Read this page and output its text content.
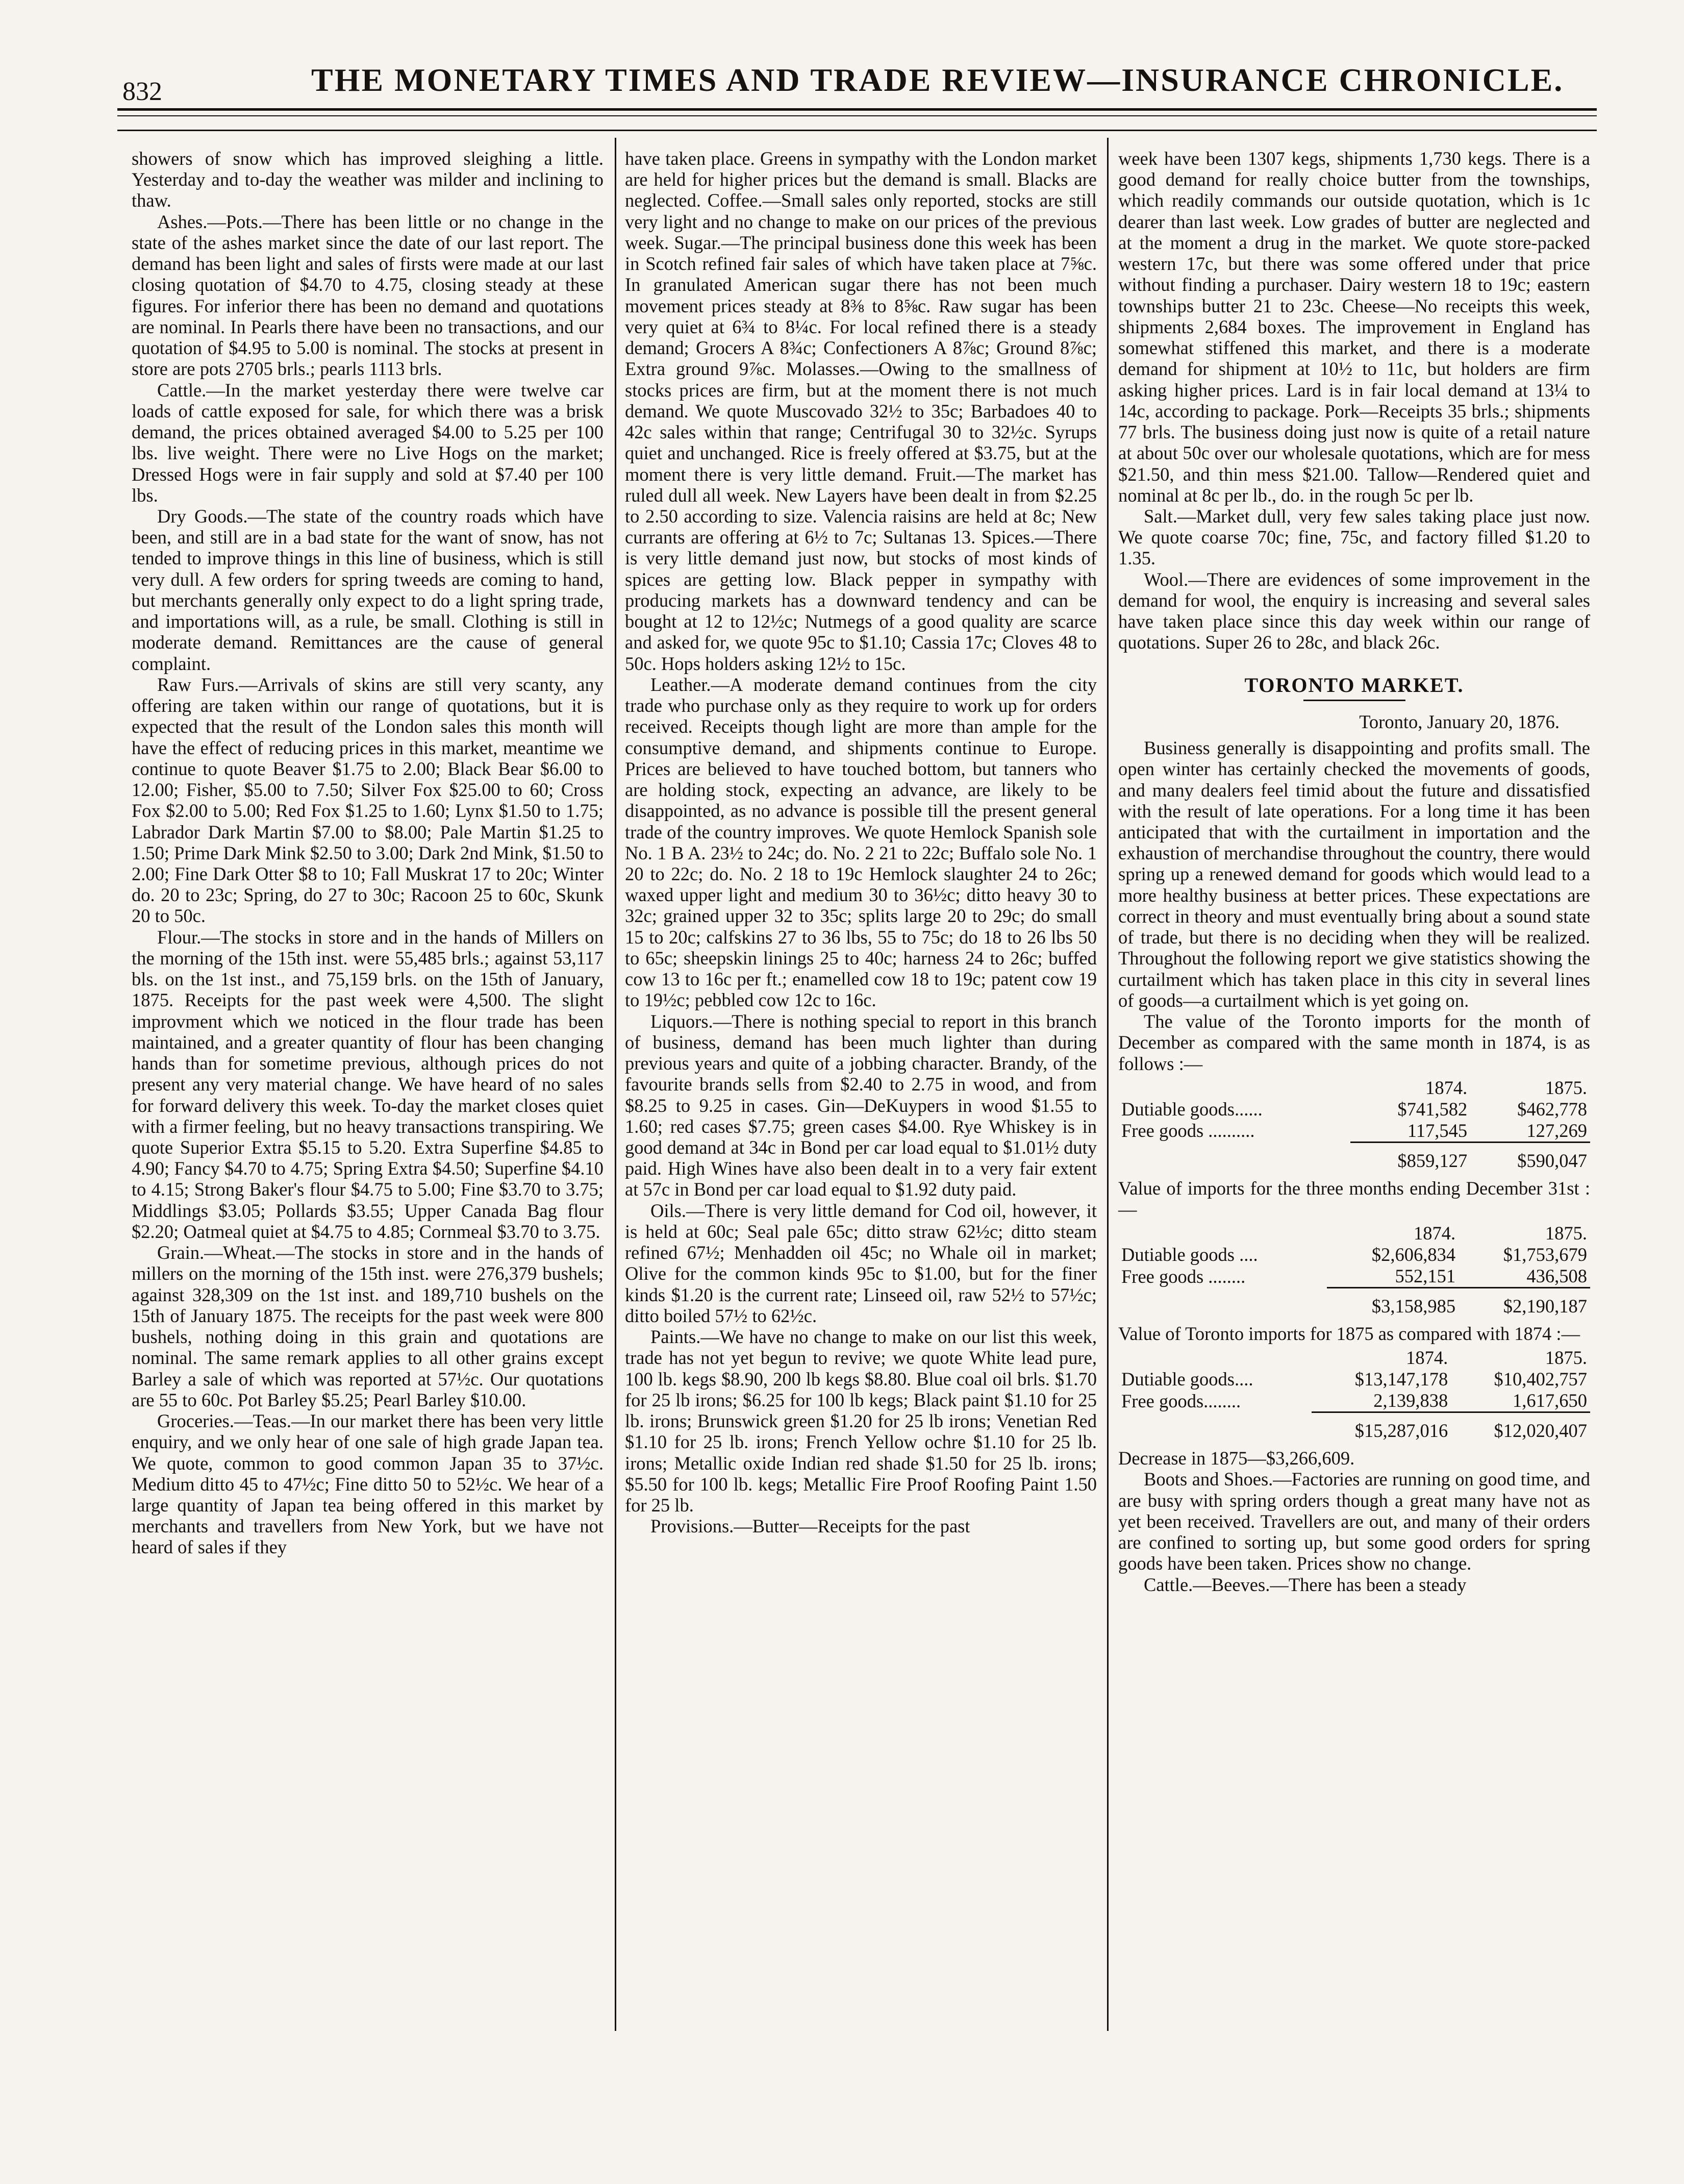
832	THE MONETARY TIMES AND TRADE REVIEW—INSURANCE CHRONICLE.

showers of snow which has improved sleighing a little. Yesterday and to-day the weather was milder and inclining to thaw.

Ashes.—Pots.—There has been little or no change in the state of the ashes market since the date of our last report. The demand has been light and sales of firsts were made at our last closing quotation of $4.70 to 4.75, closing steady at these figures. For inferior there has been no demand and quotations are nominal. In Pearls there have been no transactions, and our quotation of $4.95 to 5.00 is nominal. The stocks at present in store are pots 2705 brls.; pearls 1113 brls.

Cattle.—In the market yesterday there were twelve car loads of cattle exposed for sale, for which there was a brisk demand, the prices obtained averaged $4.00 to 5.25 per 100 lbs. live weight. There were no Live Hogs on the market; Dressed Hogs were in fair supply and sold at $7.40 per 100 lbs.

Dry Goods.—The state of the country roads which have been, and still are in a bad state for the want of snow, has not tended to improve things in this line of business, which is still very dull. A few orders for spring tweeds are coming to hand, but merchants generally only expect to do a light spring trade, and importations will, as a rule, be small. Clothing is still in moderate demand. Remittances are the cause of general complaint.

Raw Furs.—Arrivals of skins are still very scanty, any offering are taken within our range of quotations, but it is expected that the result of the London sales this month will have the effect of reducing prices in this market, meantime we continue to quote Beaver $1.75 to 2.00; Black Bear $6.00 to 12.00; Fisher, $5.00 to 7.50; Silver Fox $25.00 to 60; Cross Fox $2.00 to 5.00; Red Fox $1.25 to 1.60; Lynx $1.50 to 1.75; Labrador Dark Martin $7.00 to $8.00; Pale Martin $1.25 to 1.50; Prime Dark Mink $2.50 to 3.00; Dark 2nd Mink, $1.50 to 2.00; Fine Dark Otter $8 to 10; Fall Muskrat 17 to 20c; Winter do. 20 to 23c; Spring, do 27 to 30c; Racoon 25 to 60c, Skunk 20 to 50c.

Flour.—The stocks in store and in the hands of Millers on the morning of the 15th inst. were 55,485 brls.; against 53,117 bls. on the 1st inst., and 75,159 brls. on the 15th of January, 1875. Receipts for the past week were 4,500. The slight improvment which we noticed in the flour trade has been maintained, and a greater quantity of flour has been changing hands than for sometime previous, although prices do not present any very material change. We have heard of no sales for forward delivery this week. To-day the market closes quiet with a firmer feeling, but no heavy transactions transpiring. We quote Superior Extra $5.15 to 5.20. Extra Superfine $4.85 to 4.90; Fancy $4.70 to 4.75; Spring Extra $4.50; Superfine $4.10 to 4.15; Strong Baker's flour $4.75 to 5.00; Fine $3.70 to 3.75; Middlings $3.05; Pollards $3.55; Upper Canada Bag flour $2.20; Oatmeal quiet at $4.75 to 4.85; Cornmeal $3.70 to 3.75.

Grain.—Wheat.—The stocks in store and in the hands of millers on the morning of the 15th inst. were 276,379 bushels; against 328,309 on the 1st inst. and 189,710 bushels on the 15th of January 1875. The receipts for the past week were 800 bushels, nothing doing in this grain and quotations are nominal. The same remark applies to all other grains except Barley a sale of which was reported at 57½c. Our quotations are 55 to 60c. Pot Barley $5.25; Pearl Barley $10.00.

Groceries.—Teas.—In our market there has been very little enquiry, and we only hear of one sale of high grade Japan tea. We quote, common to good common Japan 35 to 37½c. Medium ditto 45 to 47½c; Fine ditto 50 to 52½c. We hear of a large quantity of Japan tea being offered in this market by merchants and travellers from New York, but we have not heard of sales if they

have taken place. Greens in sympathy with the London market are held for higher prices but the demand is small. Blacks are neglected. Coffee.—Small sales only reported, stocks are still very light and no change to make on our prices of the previous week. Sugar.—The principal business done this week has been in Scotch refined fair sales of which have taken place at 7⅝c. In granulated American sugar there has not been much movement prices steady at 8⅜ to 8⅝c. Raw sugar has been very quiet at 6¾ to 8¼c. For local refined there is a steady demand; Grocers A 8¾c; Confectioners A 8⅞c; Ground 8⅞c; Extra ground 9⅞c. Molasses.—Owing to the smallness of stocks prices are firm, but at the moment there is not much demand. We quote Muscovado 32½ to 35c; Barbadoes 40 to 42c sales within that range; Centrifugal 30 to 32½c. Syrups quiet and unchanged. Rice is freely offered at $3.75, but at the moment there is very little demand. Fruit.—The market has ruled dull all week. New Layers have been dealt in from $2.25 to 2.50 according to size. Valencia raisins are held at 8c; New currants are offering at 6½ to 7c; Sultanas 13. Spices.—There is very little demand just now, but stocks of most kinds of spices are getting low. Black pepper in sympathy with producing markets has a downward tendency and can be bought at 12 to 12½c; Nutmegs of a good quality are scarce and asked for, we quote 95c to $1.10; Cassia 17c; Cloves 48 to 50c. Hops holders asking 12½ to 15c.

Leather.—A moderate demand continues from the city trade who purchase only as they require to work up for orders received. Receipts though light are more than ample for the consumptive demand, and shipments continue to Europe. Prices are believed to have touched bottom, but tanners who are holding stock, expecting an advance, are likely to be disappointed, as no advance is possible till the present general trade of the country improves. We quote Hemlock Spanish sole No. 1 B A. 23½ to 24c; do. No. 2 21 to 22c; Buffalo sole No. 1 20 to 22c; do. No. 2 18 to 19c Hemlock slaughter 24 to 26c; waxed upper light and medium 30 to 36½c; ditto heavy 30 to 32c; grained upper 32 to 35c; splits large 20 to 29c; do small 15 to 20c; calfskins 27 to 36 lbs, 55 to 75c; do 18 to 26 lbs 50 to 65c; sheepskin linings 25 to 40c; harness 24 to 26c; buffed cow 13 to 16c per ft.; enamelled cow 18 to 19c; patent cow 19 to 19½c; pebbled cow 12c to 16c.

Liquors.—There is nothing special to report in this branch of business, demand has been much lighter than during previous years and quite of a jobbing character. Brandy, of the favourite brands sells from $2.40 to 2.75 in wood, and from $8.25 to 9.25 in cases. Gin—DeKuypers in wood $1.55 to 1.60; red cases $7.75; green cases $4.00. Rye Whiskey is in good demand at 34c in Bond per car load equal to $1.01½ duty paid. High Wines have also been dealt in to a very fair extent at 57c in Bond per car load equal to $1.92 duty paid.

Oils.—There is very little demand for Cod oil, however, it is held at 60c; Seal pale 65c; ditto straw 62½c; ditto steam refined 67½; Menhadden oil 45c; no Whale oil in market; Olive for the common kinds 95c to $1.00, but for the finer kinds $1.20 is the current rate; Linseed oil, raw 52½ to 57½c; ditto boiled 57½ to 62½c.

Paints.—We have no change to make on our list this week, trade has not yet begun to revive; we quote White lead pure, 100 lb. kegs $8.90, 200 lb kegs $8.80. Blue coal oil brls. $1.70 for 25 lb irons; $6.25 for 100 lb kegs; Black paint $1.10 for 25 lb. irons; Brunswick green $1.20 for 25 lb irons; Venetian Red $1.10 for 25 lb. irons; French Yellow ochre $1.10 for 25 lb. irons; Metallic oxide Indian red shade $1.50 for 25 lb. irons; $5.50 for 100 lb. kegs; Metallic Fire Proof Roofing Paint 1.50 for 25 lb.

Provisions.—Butter—Receipts for the past

week have been 1307 kegs, shipments 1,730 kegs. There is a good demand for really choice butter from the townships, which readily commands our outside quotation, which is 1c dearer than last week. Low grades of butter are neglected and at the moment a drug in the market. We quote store-packed western 17c, but there was some offered under that price without finding a purchaser. Dairy western 18 to 19c; eastern townships butter 21 to 23c. Cheese—No receipts this week, shipments 2,684 boxes. The improvement in England has somewhat stiffened this market, and there is a moderate demand for shipment at 10½ to 11c, but holders are firm asking higher prices. Lard is in fair local demand at 13¼ to 14c, according to package. Pork—Receipts 35 brls.; shipments 77 brls. The business doing just now is quite of a retail nature at about 50c over our wholesale quotations, which are for mess $21.50, and thin mess $21.00. Tallow—Rendered quiet and nominal at 8c per lb., do. in the rough 5c per lb.

Salt.—Market dull, very few sales taking place just now. We quote coarse 70c; fine, 75c, and factory filled $1.20 to 1.35.

Wool.—There are evidences of some improvement in the demand for wool, the enquiry is increasing and several sales have taken place since this day week within our range of quotations. Super 26 to 28c, and black 26c.

TORONTO MARKET.

Toronto, January 20, 1876.

Business generally is disappointing and profits small. The open winter has certainly checked the movements of goods, and many dealers feel timid about the future and dissatisfied with the result of late operations. For a long time it has been anticipated that with the curtailment in importation and the exhaustion of merchandise throughout the country, there would spring up a renewed demand for goods which would lead to a more healthy business at better prices. These expectations are correct in theory and must eventually bring about a sound state of trade, but there is no deciding when they will be realized. Throughout the following report we give statistics showing the curtailment which has taken place in this city in several lines of goods—a curtailment which is yet going on.

The value of the Toronto imports for the month of December as compared with the same month in 1874, is as follows :—

	1874.	1875.
Dutiable goods......	$741,582	$462,778
Free goods ..........	117,545	127,269
	$859,127	$590,047

Value of imports for the three months ending December 31st :—

	1874.	1875.
Dutiable goods ....	$2,606,834	$1,753,679
Free goods ........	552,151	436,508
	$3,158,985	$2,190,187

Value of Toronto imports for 1875 as compared with 1874 :—

	1874.	1875.
Dutiable goods....	$13,147,178	$10,402,757
Free goods........	2,139,838	1,617,650
	$15,287,016	$12,020,407

Decrease in 1875—$3,266,609.

Boots and Shoes.—Factories are running on good time, and are busy with spring orders though a great many have not as yet been received. Travellers are out, and many of their orders are confined to sorting up, but some good orders for spring goods have been taken. Prices show no change.

Cattle.—Beeves.—There has been a steady
